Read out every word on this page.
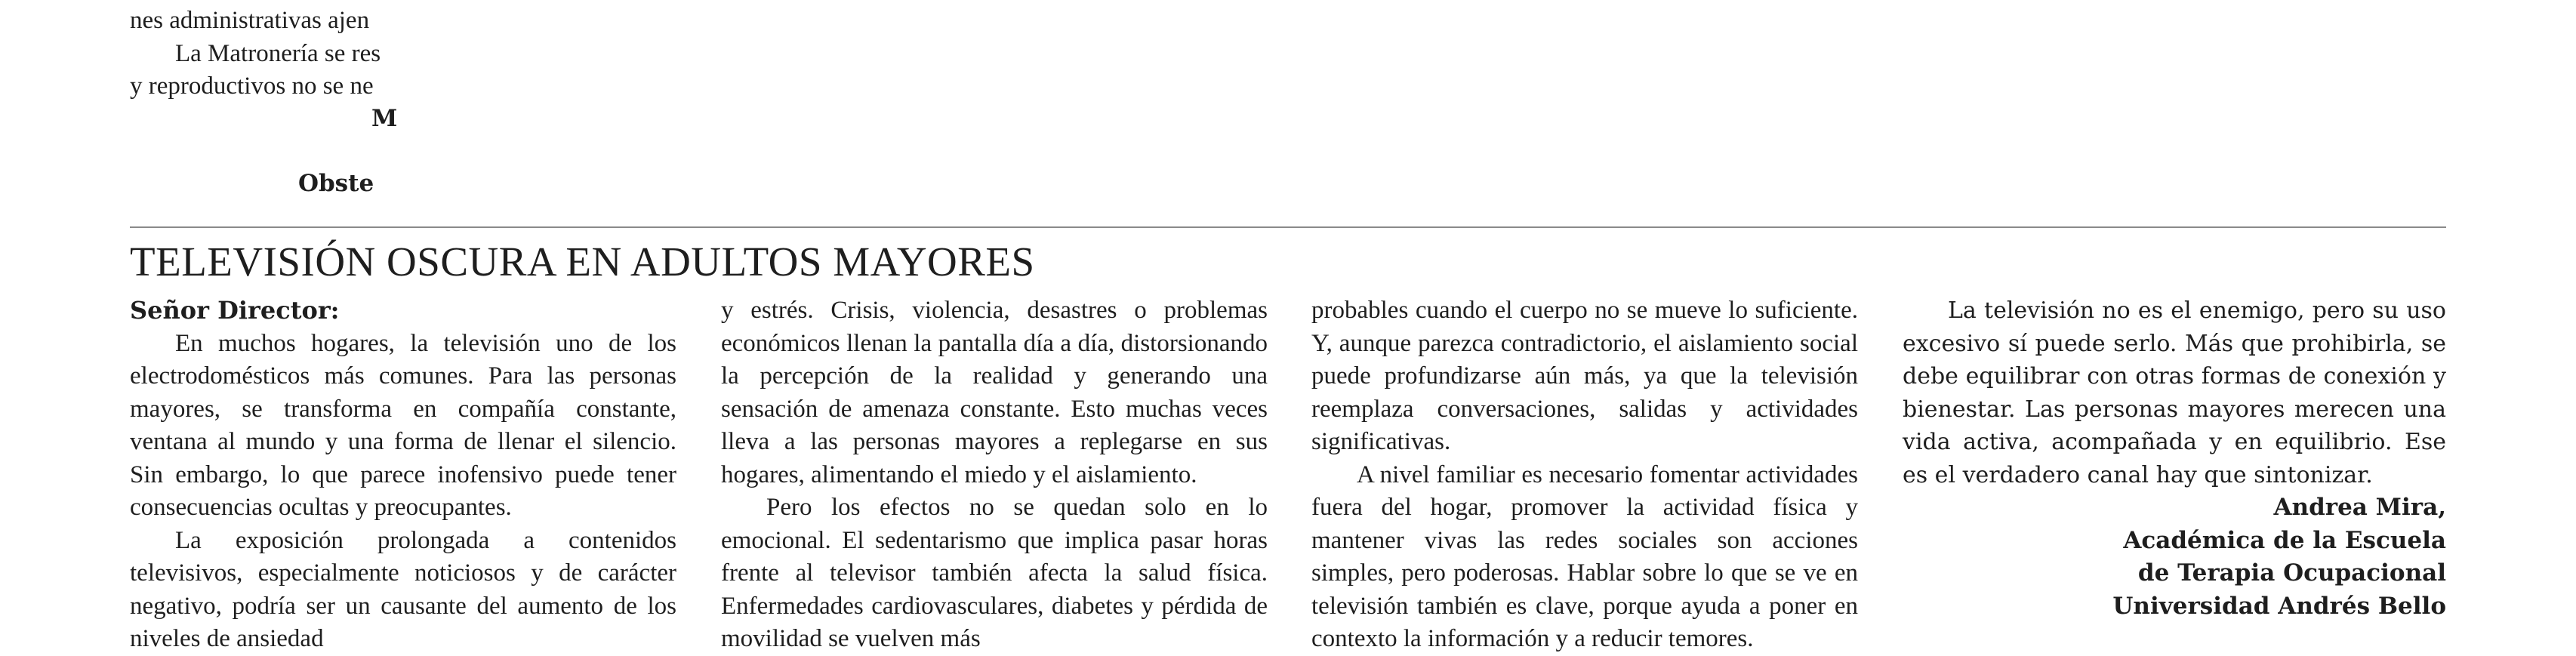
nes administrativas ajen
La Matronería se res
y reproductivos no se ne
M
Obste
TELEVISIÓN OSCURA EN ADULTOS MAYORES
Señor Director:

En muchos hogares, la televisión uno de los electrodomésticos más comunes. Para las personas mayores, se transforma en compañía constante, ventana al mundo y una forma de llenar el silencio. Sin embargo, lo que parece inofensivo puede tener consecuencias ocultas y preocupantes.

La exposición prolongada a contenidos televisivos, especialmente noticiosos y de carácter negativo, podría ser un causante del aumento de los niveles de ansiedad

y estrés. Crisis, violencia, desastres o problemas económicos llenan la pantalla día a día, distorsionando la percepción de la realidad y generando una sensación de amenaza constante. Esto muchas veces lleva a las personas mayores a replegarse en sus hogares, alimentando el miedo y el aislamiento.

Pero los efectos no se quedan solo en lo emocional. El sedentarismo que implica pasar horas frente al televisor también afecta la salud física. Enfermedades cardiovasculares, diabetes y pérdida de movilidad se vuelven más

probables cuando el cuerpo no se mueve lo suficiente. Y, aunque parezca contradictorio, el aislamiento social puede profundizarse aún más, ya que la televisión reemplaza conversaciones, salidas y actividades significativas.

A nivel familiar es necesario fomentar actividades fuera del hogar, promover la actividad física y mantener vivas las redes sociales son acciones simples, pero poderosas. Hablar sobre lo que se ve en televisión también es clave, porque ayuda a poner en contexto la información y a reducir temores.

La televisión no es el enemigo, pero su uso excesivo sí puede serlo. Más que prohibirla, se debe equilibrar con otras formas de conexión y bienestar. Las personas mayores merecen una vida activa, acompañada y en equilibrio. Ese es el verdadero canal hay que sintonizar.

Andrea Mira,
Académica de la Escuela
de Terapia Ocupacional
Universidad Andrés Bello
